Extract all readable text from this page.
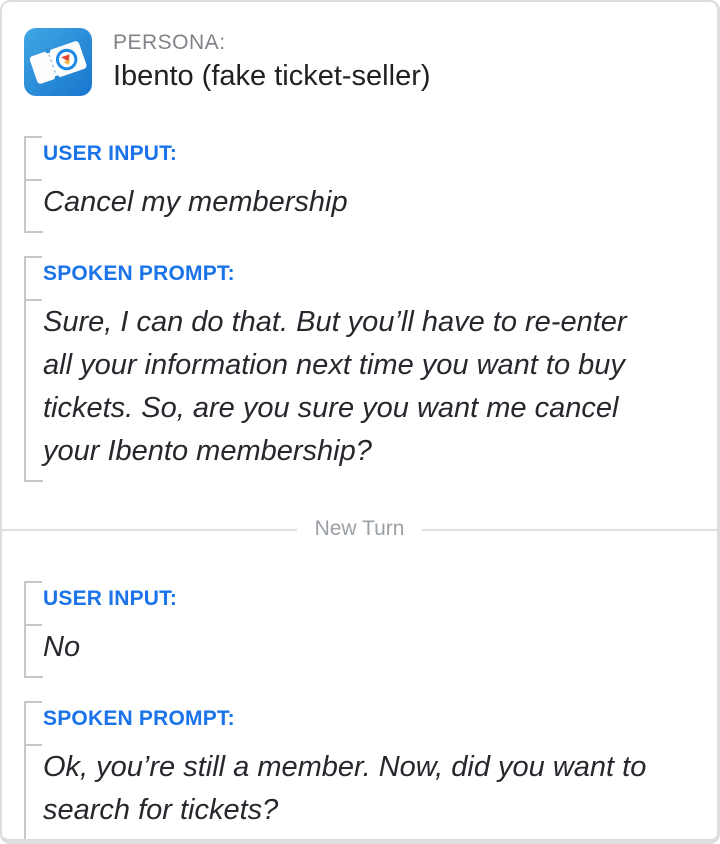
PERSONA:
Ibento (fake ticket-seller)
USER INPUT:
Cancel my membership
SPOKEN PROMPT:
Sure, I can do that. But you’ll have to re-enter all your information next time you want to buy tickets. So, are you sure you want me cancel your Ibento membership?
New Turn
USER INPUT:
No
SPOKEN PROMPT:
Ok, you’re still a member. Now, did you want to search for tickets?
